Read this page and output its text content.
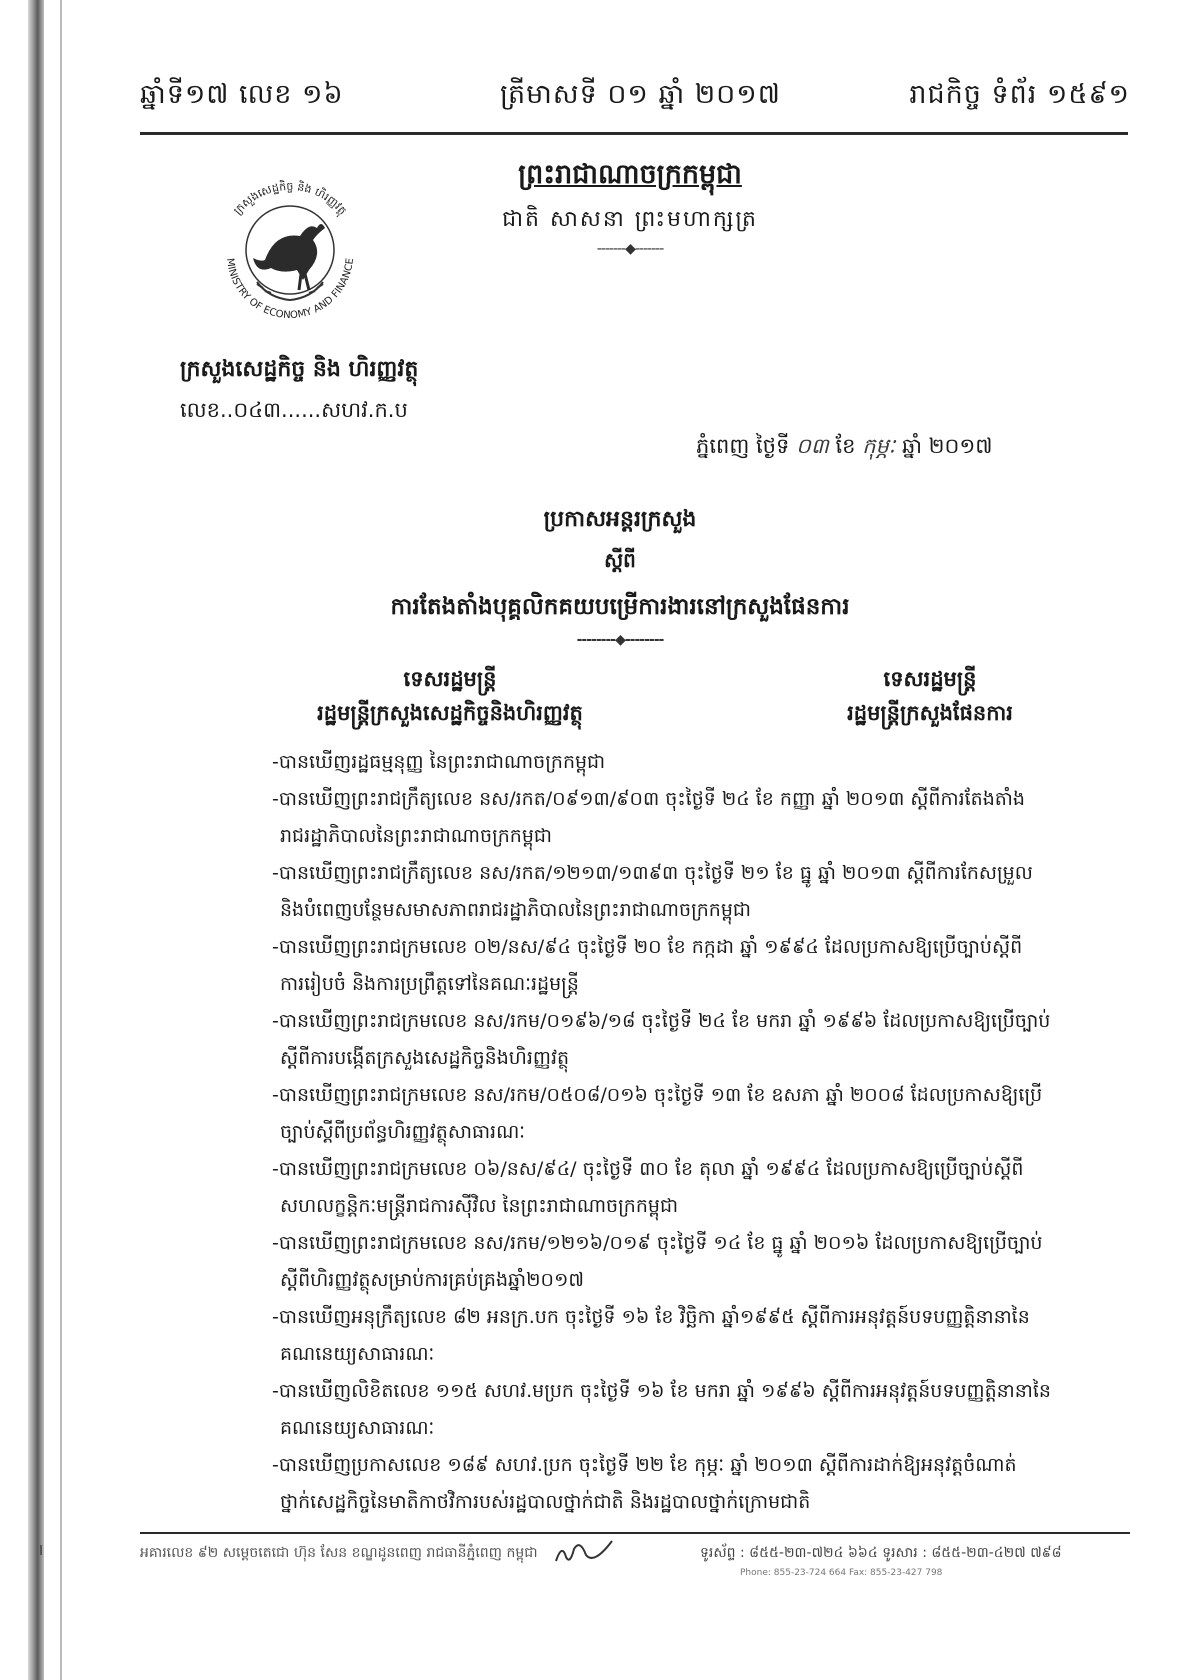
ឆ្នាំទី១៧ លេខ ១៦	ត្រីមាសទី ០១ ឆ្នាំ ២០១៧	រាជកិច្ច ទំព័រ ១៥៩១
ព្រះរាជាណាចក្រកម្ពុជា
ជាតិ សាសនា ព្រះមហាក្សត្រ
-------◆-------
MINISTRY OF ECONOMY AND FINANCE
ក្រសួងសេដ្ឋកិច្ច និង ហិរញ្ញវត្ថុ
ក្រសួងសេដ្ឋកិច្ច និង ហិរញ្ញវត្ថុ
លេខ..០៤៣......សហវ.ក.ប
ភ្នំពេញ ថ្ងៃទី ០៣ ខែ កុម្ភៈ ឆ្នាំ ២០១៧
ប្រកាសអន្តរក្រសួង
ស្តីពី
ការតែងតាំងបុគ្គលិកគយបម្រើការងារនៅក្រសួងផែនការ
--------◆--------
ទេសរដ្ឋមន្ត្រី
រដ្ឋមន្ត្រីក្រសួងសេដ្ឋកិច្ចនិងហិរញ្ញវត្ថុ
ទេសរដ្ឋមន្ត្រី
រដ្ឋមន្ត្រីក្រសួងផែនការ
-បានឃើញរដ្ឋធម្មនុញ្ញ នៃព្រះរាជាណាចក្រកម្ពុជា
-បានឃើញព្រះរាជក្រឹត្យលេខ នស/រកត/០៩១៣/៩០៣ ចុះថ្ងៃទី ២៤ ខែ កញ្ញា ឆ្នាំ ២០១៣ ស្តីពីការតែងតាំង
រាជរដ្ឋាភិបាលនៃព្រះរាជាណាចក្រកម្ពុជា
-បានឃើញព្រះរាជក្រឹត្យលេខ នស/រកត/១២១៣/១៣៩៣ ចុះថ្ងៃទី ២១ ខែ ធ្នូ ឆ្នាំ ២០១៣ ស្តីពីការកែសម្រួល
និងបំពេញបន្ថែមសមាសភាពរាជរដ្ឋាភិបាលនៃព្រះរាជាណាចក្រកម្ពុជា
-បានឃើញព្រះរាជក្រមលេខ ០២/នស/៩៤ ចុះថ្ងៃទី ២០ ខែ កក្កដា ឆ្នាំ ១៩៩៤ ដែលប្រកាសឱ្យប្រើច្បាប់ស្តីពី
ការរៀបចំ និងការប្រព្រឹត្តទៅនៃគណៈរដ្ឋមន្ត្រី
-បានឃើញព្រះរាជក្រមលេខ នស/រកម/០១៩៦/១៨ ចុះថ្ងៃទី ២៤ ខែ មករា ឆ្នាំ ១៩៩៦ ដែលប្រកាសឱ្យប្រើច្បាប់
ស្តីពីការបង្កើតក្រសួងសេដ្ឋកិច្ចនិងហិរញ្ញវត្ថុ
-បានឃើញព្រះរាជក្រមលេខ នស/រកម/០៥០៨/០១៦ ចុះថ្ងៃទី ១៣ ខែ ឧសភា ឆ្នាំ ២០០៨ ដែលប្រកាសឱ្យប្រើ
ច្បាប់ស្តីពីប្រព័ន្ធហិរញ្ញវត្ថុសាធារណៈ
-បានឃើញព្រះរាជក្រមលេខ ០៦/នស/៩៤/ ចុះថ្ងៃទី ៣០ ខែ តុលា ឆ្នាំ ១៩៩៤ ដែលប្រកាសឱ្យប្រើច្បាប់ស្តីពី
សហលក្ខន្តិកៈមន្ត្រីរាជការស៊ីវិល នៃព្រះរាជាណាចក្រកម្ពុជា
-បានឃើញព្រះរាជក្រមលេខ នស/រកម/១២១៦/០១៩ ចុះថ្ងៃទី ១៤ ខែ ធ្នូ ឆ្នាំ ២០១៦ ដែលប្រកាសឱ្យប្រើច្បាប់
ស្តីពីហិរញ្ញវត្ថុសម្រាប់ការគ្រប់គ្រងឆ្នាំ២០១៧
-បានឃើញអនុក្រឹត្យលេខ ៨២ អនក្រ.បក ចុះថ្ងៃទី ១៦ ខែ វិច្ឆិកា ឆ្នាំ១៩៩៥ ស្តីពីការអនុវត្តន៍បទបញ្ញត្តិនានានៃ
គណនេយ្យសាធារណៈ
-បានឃើញលិខិតលេខ ១១៥ សហវ.មប្រក ចុះថ្ងៃទី ១៦ ខែ មករា ឆ្នាំ ១៩៩៦ ស្តីពីការអនុវត្តន៍បទបញ្ញត្តិនានានៃ
គណនេយ្យសាធារណៈ
-បានឃើញប្រកាសលេខ ១៨៩ សហវ.ប្រក ចុះថ្ងៃទី ២២ ខែ កុម្ភៈ ឆ្នាំ ២០១៣ ស្តីពីការដាក់ឱ្យអនុវត្តចំណាត់
ថ្នាក់សេដ្ឋកិច្ចនៃមាតិកាថវិការបស់រដ្ឋបាលថ្នាក់ជាតិ និងរដ្ឋបាលថ្នាក់ក្រោមជាតិ
អគារលេខ ៩២ សម្តេចតេជោ ហ៊ុន សែន ខណ្ឌដូនពេញ រាជធានីភ្នំពេញ កម្ពុជា	ទូរស័ព្ទ : ៨៥៥-២៣-៧២៤ ៦៦៤ ទូរសារ : ៨៥៥-២៣-៤២៧ ៧៩៨
Phone: 855-23-724 664 Fax: 855-23-427 798
